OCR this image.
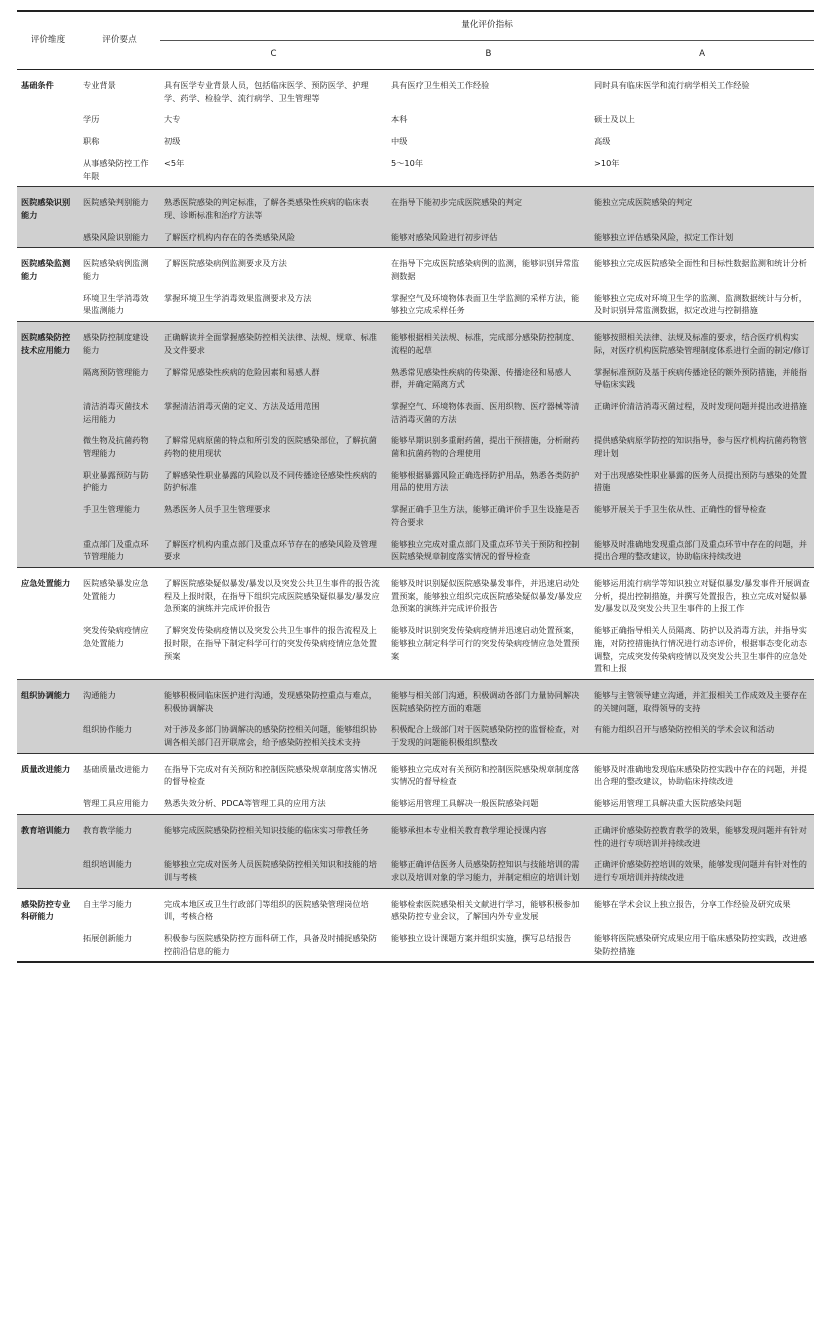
评价维度	评价要点	量化评价指标		
		C	B	A
基础条件	专业背景	具有医学专业背景人员，包括临床医学、预防医学、护理学、药学、检验学、流行病学、卫生管理等	具有医疗卫生相关工作经验	同时具有临床医学和流行病学相关工作经验
	学历	大专	本科	硕士及以上
	职称	初级	中级	高级
	从事感染防控工作年限	<5年	5～10年	>10年
医院感染识别能力	医院感染判别能力	熟悉医院感染的判定标准，了解各类感染性疾病的临床表现、诊断标准和治疗方法等	在指导下能初步完成医院感染的判定	能独立完成医院感染的判定
	感染风险识别能力	了解医疗机构内存在的各类感染风险	能够对感染风险进行初步评估	能够独立评估感染风险，拟定工作计划
医院感染监测能力	医院感染病例监测能力	了解医院感染病例监测要求及方法	在指导下完成医院感染病例的监测，能够识别异常监测数据	能够独立完成医院感染全面性和目标性数据监测和统计分析
	环境卫生学消毒效果监测能力	掌握环境卫生学消毒效果监测要求及方法	掌握空气及环境物体表面卫生学监测的采样方法，能够独立完成采样任务	能够独立完成对环境卫生学的监测、监测数据统计与分析，及时识别异常监测数据，拟定改进与控制措施
医院感染防控技术应用能力	感染防控制度建设能力	正确解读并全面掌握感染防控相关法律、法规、规章、标准及文件要求	能够根据相关法规、标准，完成部分感染防控制度、流程的起草	能够按照相关法律、法规及标准的要求，结合医疗机构实际，对医疗机构医院感染管理制度体系进行全面的制定/修订
	隔离预防管理能力	了解常见感染性疾病的危险因素和易感人群	熟悉常见感染性疾病的传染源、传播途径和易感人群，并确定隔离方式	掌握标准预防及基于疾病传播途径的额外预防措施，并能指导临床实践
	清洁消毒灭菌技术运用能力	掌握清洁消毒灭菌的定义、方法及适用范围	掌握空气、环境物体表面、医用织物、医疗器械等清洁消毒灭菌的方法	正确评价清洁消毒灭菌过程，及时发现问题并提出改进措施
	微生物及抗菌药物管理能力	了解常见病原菌的特点和所引发的医院感染部位，了解抗菌药物的使用现状	能够早期识别多重耐药菌，提出干预措施，分析耐药菌和抗菌药物的合理使用	提供感染病原学防控的知识指导，参与医疗机构抗菌药物管理计划
	职业暴露预防与防护能力	了解感染性职业暴露的风险以及不同传播途径感染性疾病的防护标准	能够根据暴露风险正确选择防护用品，熟悉各类防护用品的使用方法	对于出现感染性职业暴露的医务人员提出预防与感染的处置措施
	手卫生管理能力	熟悉医务人员手卫生管理要求	掌握正确手卫生方法，能够正确评价手卫生设施是否符合要求	能够开展关于手卫生依从性、正确性的督导检查
	重点部门及重点环节管理能力	了解医疗机构内重点部门及重点环节存在的感染风险及管理要求	能够独立完成对重点部门及重点环节关于预防和控制医院感染规章制度落实情况的督导检查	能够及时准确地发现重点部门及重点环节中存在的问题，并提出合理的整改建议，协助临床持续改进
应急处置能力	医院感染暴发应急处置能力	了解医院感染疑似暴发/暴发以及突发公共卫生事件的报告流程及上报时限，在指导下组织完成医院感染疑似暴发/暴发应急预案的演练并完成评价报告	能够及时识别疑似医院感染暴发事件，并迅速启动处置预案，能够独立组织完成医院感染疑似暴发/暴发应急预案的演练并完成评价报告	能够运用流行病学等知识独立对疑似暴发/暴发事件开展调查分析，提出控制措施，并撰写处置报告，独立完成对疑似暴发/暴发以及突发公共卫生事件的上报工作
	突发传染病疫情应急处置能力	了解突发传染病疫情以及突发公共卫生事件的报告流程及上报时限，在指导下制定科学可行的突发传染病疫情应急处置预案	能够及时识别突发传染病疫情并迅速启动处置预案，能够独立制定科学可行的突发传染病疫情应急处置预案	能够正确指导相关人员隔离、防护以及消毒方法，并指导实施，对防控措施执行情况进行动态评价，根据事态变化动态调整，完成突发传染病疫情以及突发公共卫生事件的应急处置和上报
组织协调能力	沟通能力	能够积极同临床医护进行沟通，发现感染防控重点与难点，积极协调解决	能够与相关部门沟通，积极调动各部门力量协同解决医院感染防控方面的难题	能够与主管领导建立沟通，并汇报相关工作成效及主要存在的关键问题，取得领导的支持
	组织协作能力	对于涉及多部门协调解决的感染防控相关问题，能够组织协调各相关部门召开联席会，给予感染防控相关技术支持	积极配合上级部门对于医院感染防控的监督检查，对于发现的问题能积极组织整改	有能力组织召开与感染防控相关的学术会议和活动
质量改进能力	基础质量改进能力	在指导下完成对有关预防和控制医院感染规章制度落实情况的督导检查	能够独立完成对有关预防和控制医院感染规章制度落实情况的督导检查	能够及时准确地发现临床感染防控实践中存在的问题，并提出合理的整改建议，协助临床持续改进
	管理工具应用能力	熟悉失效分析、PDCA等管理工具的应用方法	能够运用管理工具解决一般医院感染问题	能够运用管理工具解决重大医院感染问题
教育培训能力	教育教学能力	能够完成医院感染防控相关知识技能的临床实习带教任务	能够承担本专业相关教育教学理论授课内容	正确评价感染防控教育教学的效果，能够发现问题并有针对性的进行专项培训并持续改进
	组织培训能力	能够独立完成对医务人员医院感染防控相关知识和技能的培训与考核	能够正确评估医务人员感染防控知识与技能培训的需求以及培训对象的学习能力，并制定相应的培训计划	正确评价感染防控培训的效果，能够发现问题并有针对性的进行专项培训并持续改进
感染防控专业科研能力	自主学习能力	完成本地区或卫生行政部门等组织的医院感染管理岗位培训，考核合格	能够检索医院感染相关文献进行学习，能够积极参加感染防控专业会议，了解国内外专业发展	能够在学术会议上独立报告，分享工作经验及研究成果
	拓展创新能力	积极参与医院感染防控方面科研工作，具备及时捕捉感染防控前沿信息的能力	能够独立设计课题方案并组织实施，撰写总结报告	能够将医院感染研究成果应用于临床感染防控实践，改进感染防控措施
